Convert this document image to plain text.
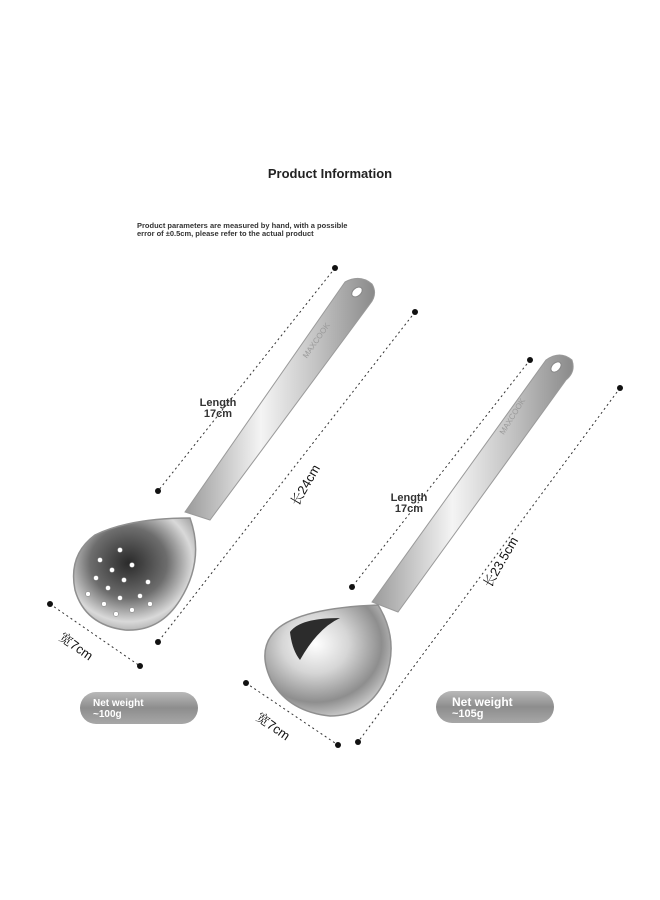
Product Information
Product parameters are measured by hand, with a possible
error of ±0.5cm, please refer to the actual product
MAXCOOK
MAXCOOK
Length
17cm
长24cm
宽7cm
Net weight
~100g
Length
17cm
长23.5cm
宽7cm
Net weight
~105g
